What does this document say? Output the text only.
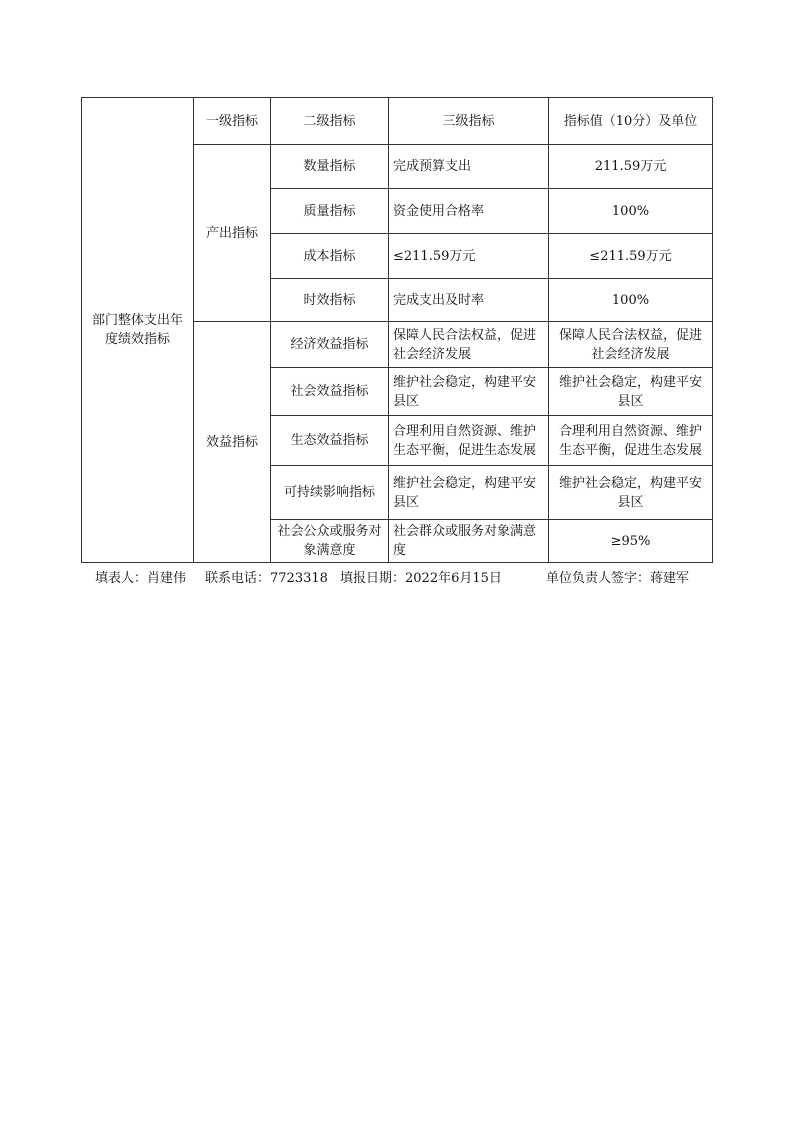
部门整体支出年度绩效指标	一级指标	二级指标	三级指标	指标值（10分）及单位
	产出指标	数量指标	完成预算支出	211.59万元
		质量指标	资金使用合格率	100%
		成本指标	≤211.59万元	≤211.59万元
		时效指标	完成支出及时率	100%
	效益指标	经济效益指标	保障人民合法权益，促进社会经济发展	保障人民合法权益，促进社会经济发展
		社会效益指标	维护社会稳定，构建平安县区	维护社会稳定，构建平安县区
		生态效益指标	合理利用自然资源、维护生态平衡，促进生态发展	合理利用自然资源、维护生态平衡，促进生态发展
		可持续影响指标	维护社会稳定，构建平安县区	维护社会稳定，构建平安县区
		社会公众或服务对象满意度	社会群众或服务对象满意度	≥95%
填表人：肖建伟 联系电话：7723318 填报日期：2022年6月15日	单位负责人签字：蒋建军
